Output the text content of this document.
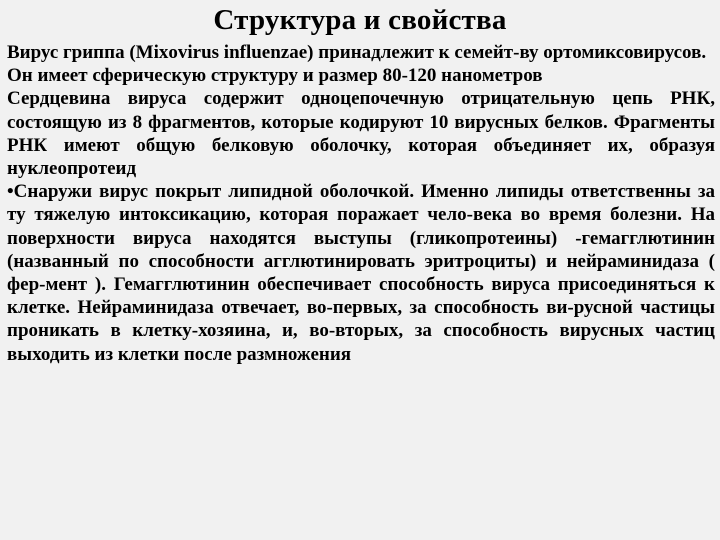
Структура и свойства

Вирус гриппа (Mixovirus influenzae) принадлежит к семейт-ву ортомиксовирусов. Он имеет сферическую структуру и размер 80-120 нанометров

Сердцевина вируса содержит одноцепочечную отрицательную цепь РНК, состоящую из 8 фрагментов, которые кодируют 10 вирусных белков. Фрагменты РНК имеют общую белковую оболочку, которая объединяет их, образуя нуклеопротеид

•Снаружи вирус покрыт липидной оболочкой. Именно липиды ответственны за ту тяжелую интоксикацию, которая поражает чело-века во время болезни. На поверхности вируса находятся выступы (гликопротеины) -гемагглютинин (названный по способности агглютинировать эритроциты) и нейраминидаза ( фер-мент ). Гемагглютинин обеспечивает способность вируса присоединяться к клетке. Нейраминидаза отвечает, во-первых, за способность ви-русной частицы проникать в клетку-хозяина, и, во-вторых, за способность вирусных частиц выходить из клетки после размножения
